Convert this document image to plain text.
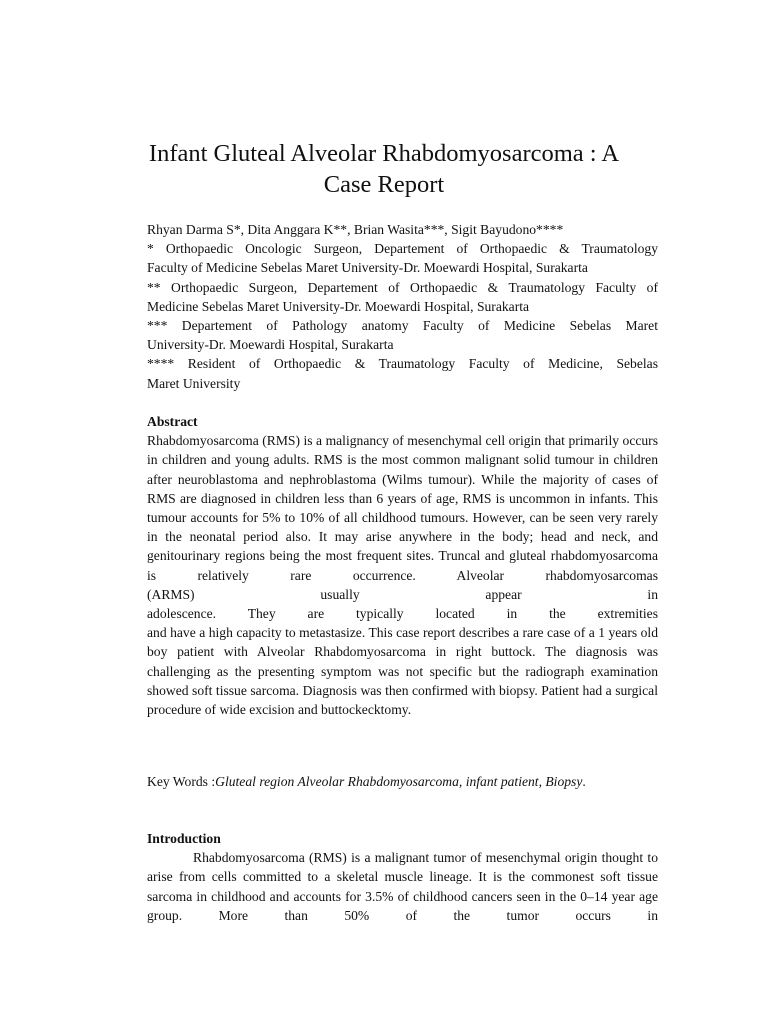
Infant Gluteal Alveolar Rhabdomyosarcoma : A
Case Report
Rhyan Darma S*, Dita Anggara K**, Brian Wasita***, Sigit Bayudono****
* Orthopaedic Oncologic Surgeon, Departement of Orthopaedic & Traumatology
Faculty of Medicine Sebelas Maret University-Dr. Moewardi Hospital, Surakarta
** Orthopaedic Surgeon, Departement of Orthopaedic & Traumatology Faculty of
Medicine Sebelas Maret University-Dr. Moewardi Hospital, Surakarta
*** Departement of Pathology anatomy Faculty of Medicine Sebelas Maret
University-Dr. Moewardi Hospital, Surakarta
**** Resident of Orthopaedic & Traumatology Faculty of Medicine, Sebelas
Maret University
Abstract
Rhabdomyosarcoma (RMS) is a malignancy of mesenchymal cell origin that primarily occurs in children and young adults. RMS is the most common malignant solid tumour in children after neuroblastoma and nephroblastoma (Wilms tumour). While the majority of cases of RMS are diagnosed in children less than 6 years of age, RMS is uncommon in infants. This tumour accounts for 5% to 10% of all childhood tumours. However, can be seen very rarely in the neonatal period also. It may arise anywhere in the body; head and neck, and genitourinary regions being the most frequent sites. Truncal and gluteal rhabdomyosarcoma is relatively rare occurrence. Alveolar rhabdomyosarcomas
(ARMS) usually appear in
adolescence. They are typically located in the extremities
and have a high capacity to metastasize. This case report describes a rare case of a 1 years old boy patient with Alveolar Rhabdomyosarcoma in right buttock. The diagnosis was challenging as the presenting symptom was not specific but the radiograph examination showed soft tissue sarcoma. Diagnosis was then confirmed with biopsy. Patient had a surgical procedure of wide excision and buttockecktomy.
Key Words :Gluteal region Alveolar Rhabdomyosarcoma, infant patient, Biopsy.
Introduction
Rhabdomyosarcoma (RMS) is a malignant tumor of mesenchymal origin thought to arise from cells committed to a skeletal muscle lineage. It is the commonest soft tissue sarcoma in childhood and accounts for 3.5% of childhood cancers seen in the 0–14 year age group. More than 50% of the tumor occurs in
